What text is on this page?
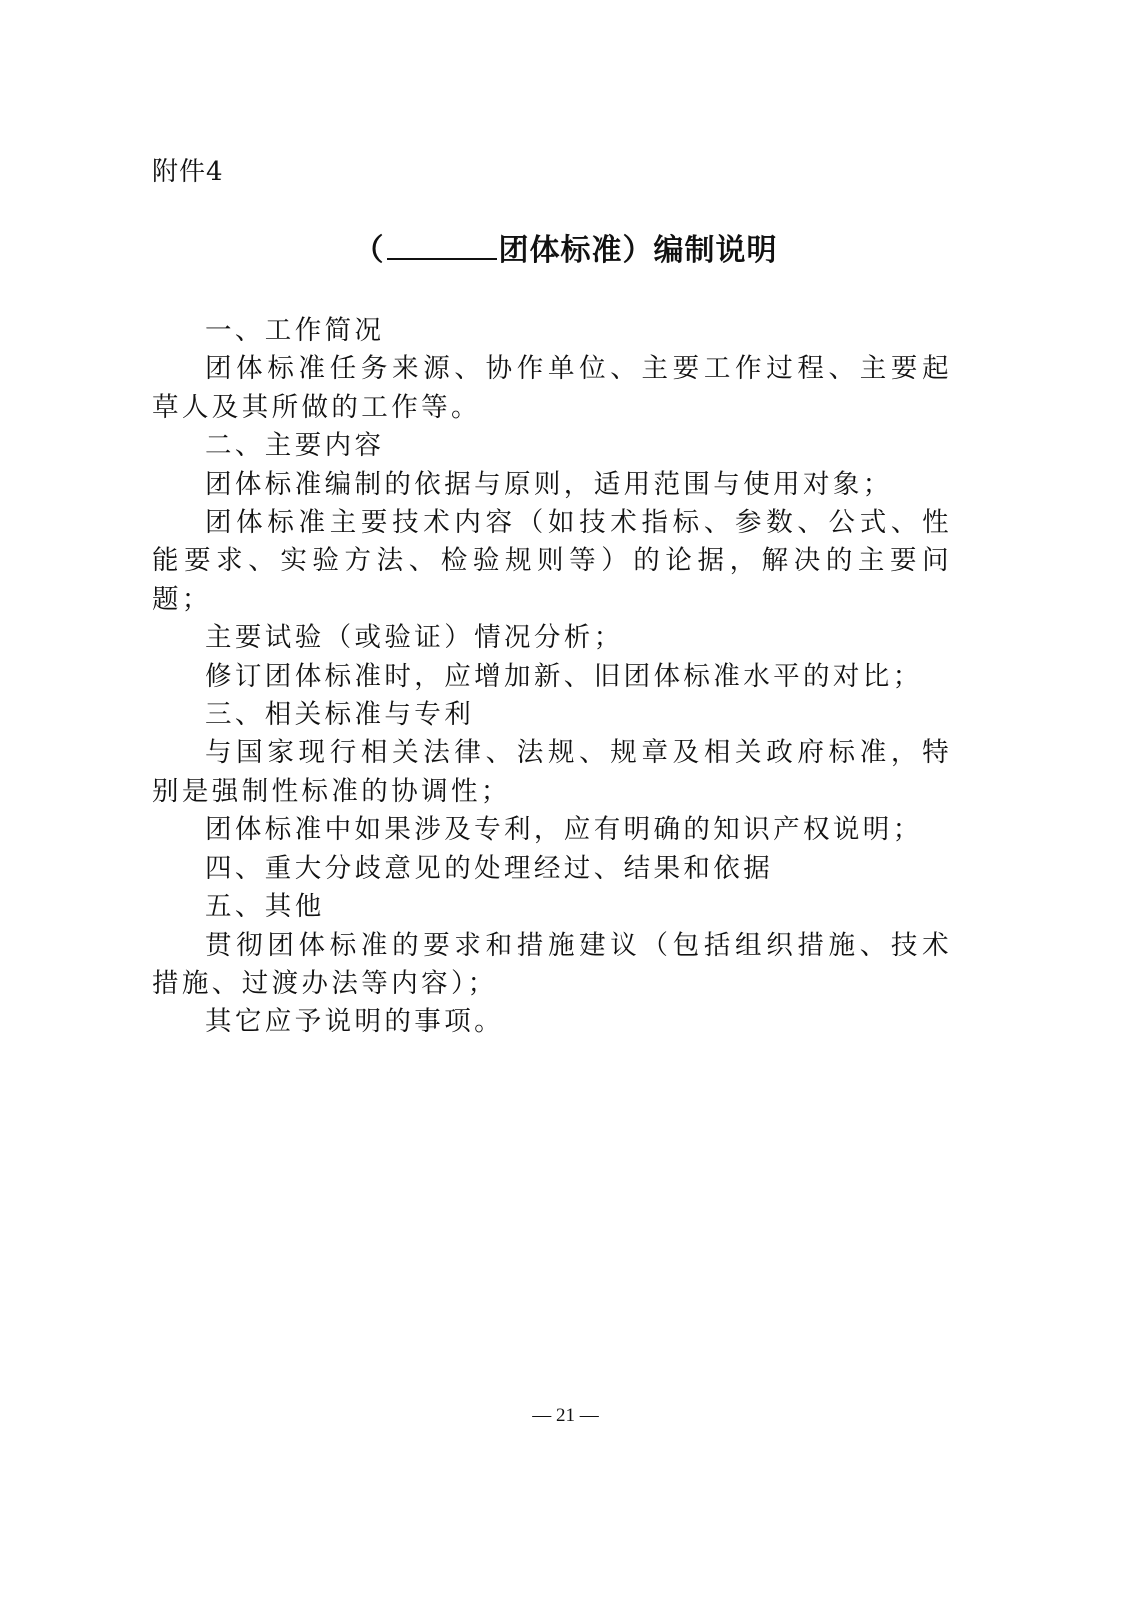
附件4
（	团体标准）编制说明

一、工作简况

团体标准任务来源、协作单位、主要工作过程、主要起草人及其所做的工作等。

二、主要内容

团体标准编制的依据与原则，适用范围与使用对象；

团体标准主要技术内容（如技术指标、参数、公式、性能要求、实验方法、检验规则等）的论据，解决的主要问题；

主要试验（或验证）情况分析；

修订团体标准时，应增加新、旧团体标准水平的对比；

三、相关标准与专利

与国家现行相关法律、法规、规章及相关政府标准，特别是强制性标准的协调性；

团体标准中如果涉及专利，应有明确的知识产权说明；

四、重大分歧意见的处理经过、结果和依据

五、其他

贯彻团体标准的要求和措施建议（包括组织措施、技术措施、过渡办法等内容）；

其它应予说明的事项。

— 21 —
